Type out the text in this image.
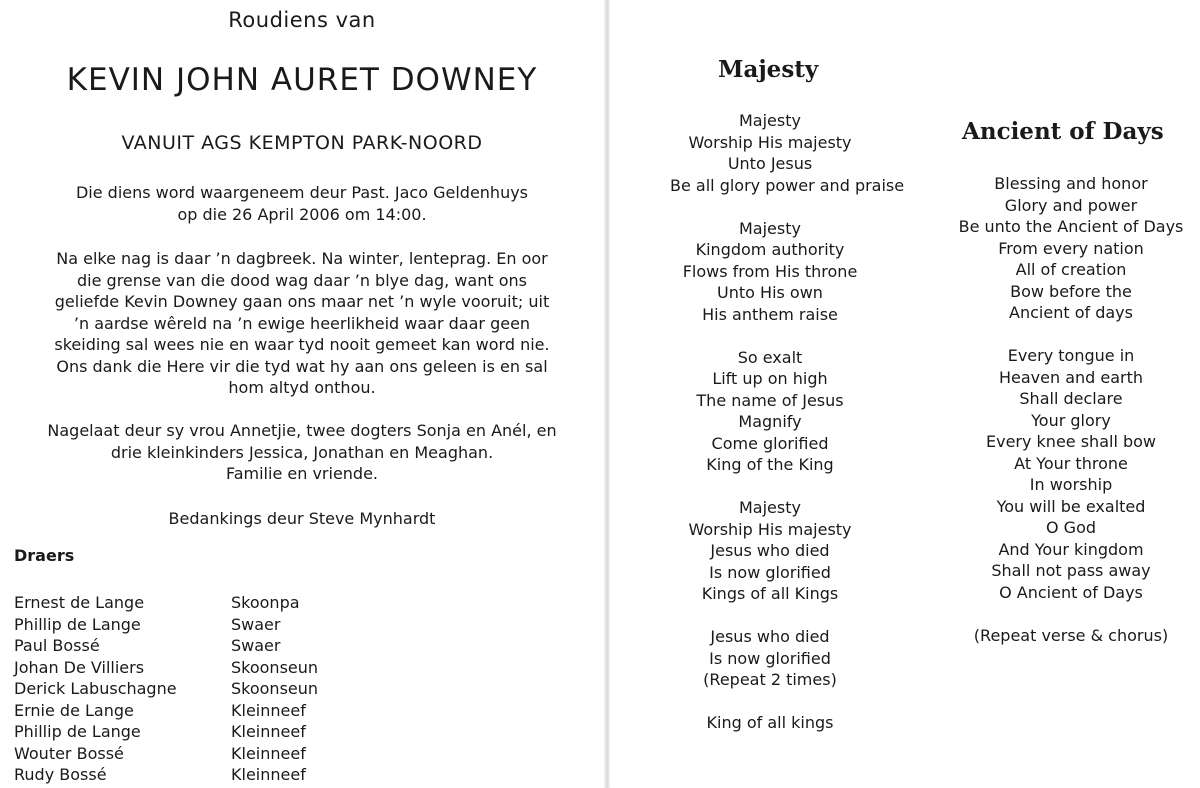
Roudiens van
KEVIN JOHN AURET DOWNEY
VANUIT AGS KEMPTON PARK-NOORD
Die diens word waargeneem deur Past. Jaco Geldenhuys
op die 26 April 2006 om 14:00.
Na elke nag is daar ’n dagbreek. Na winter, lenteprag. En oor
die grense van die dood wag daar ’n blye dag, want ons
geliefde Kevin Downey gaan ons maar net ’n wyle vooruit; uit
’n aardse wêreld na ’n ewige heerlikheid waar daar geen
skeiding sal wees nie en waar tyd nooit gemeet kan word nie.
Ons dank die Here vir die tyd wat hy aan ons geleen is en sal
hom altyd onthou.
Nagelaat deur sy vrou Annetjie, twee dogters Sonja en Anél, en
drie kleinkinders Jessica, Jonathan en Meaghan.
Familie en vriende.
Bedankings deur Steve Mynhardt
Draers
Ernest de Lange	Skoonpa
Phillip de Lange	Swaer
Paul Bossé	Swaer
Johan De Villiers	Skoonseun
Derick Labuschagne	Skoonseun
Ernie de Lange	Kleinneef
Phillip de Lange	Kleinneef
Wouter Bossé	Kleinneef
Rudy Bossé	Kleinneef
Majesty
Majesty
Worship His majesty
Unto Jesus
Be all glory power and praise
Majesty
Kingdom authority
Flows from His throne
Unto His own
His anthem raise
So exalt
Lift up on high
The name of Jesus
Magnify
Come glorified
King of the King
Majesty
Worship His majesty
Jesus who died
Is now glorified
Kings of all Kings
Jesus who died
Is now glorified
(Repeat 2 times)
King of all kings
Ancient of Days
Blessing and honor
Glory and power
Be unto the Ancient of Days
From every nation
All of creation
Bow before the
Ancient of days
Every tongue in
Heaven and earth
Shall declare
Your glory
Every knee shall bow
At Your throne
In worship
You will be exalted
O God
And Your kingdom
Shall not pass away
O Ancient of Days
(Repeat verse & chorus)
